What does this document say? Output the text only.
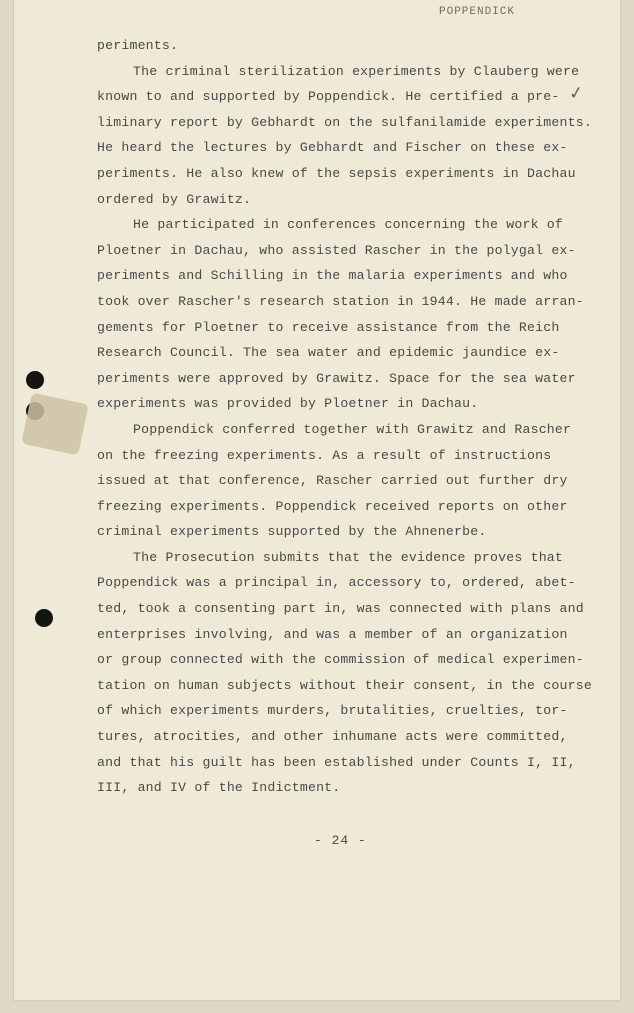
POPPENDICK
✓
periments.
The criminal sterilization experiments by Clauberg were
known to and supported by Poppendick. He certified a pre-
liminary report by Gebhardt on the sulfanilamide experiments.
He heard the lectures by Gebhardt and Fischer on these ex-
periments. He also knew of the sepsis experiments in Dachau
ordered by Grawitz.
He participated in conferences concerning the work of
Ploetner in Dachau, who assisted Rascher in the polygal ex-
periments and Schilling in the malaria experiments and who
took over Rascher's research station in 1944. He made arran-
gements for Ploetner to receive assistance from the Reich
Research Council. The sea water and epidemic jaundice ex-
periments were approved by Grawitz. Space for the sea water
experiments was provided by Ploetner in Dachau.
Poppendick conferred together with Grawitz and Rascher
on the freezing experiments. As a result of instructions
issued at that conference, Rascher carried out further dry
freezing experiments. Poppendick received reports on other
criminal experiments supported by the Ahnenerbe.
The Prosecution submits that the evidence proves that
Poppendick was a principal in, accessory to, ordered, abet-
ted, took a consenting part in, was connected with plans and
enterprises involving, and was a member of an organization
or group connected with the commission of medical experimen-
tation on human subjects without their consent, in the course
of which experiments murders, brutalities, cruelties, tor-
tures, atrocities, and other inhumane acts were committed,
and that his guilt has been established under Counts I, II,
III, and IV of the Indictment.
- 24 -
